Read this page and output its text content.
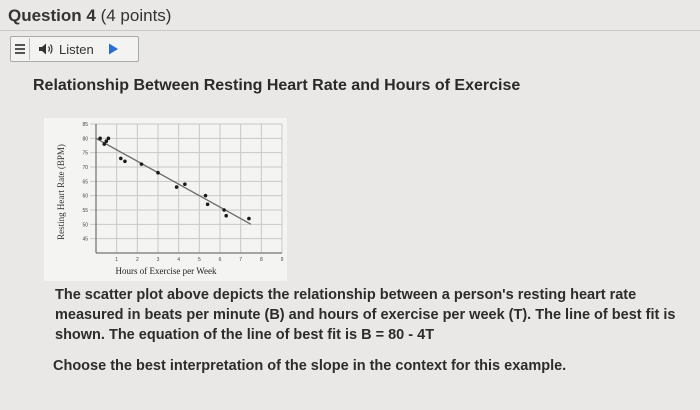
Question 4 (4 points)
Listen
Relationship Between Resting Heart Rate and Hours of Exercise
1	2	3	4	5	6	7	8	9
45
50
55
60
65
70
75
80
85
Hours of Exercise per Week
Resting Heart Rate (BPM)
The scatter plot above depicts the relationship between a person's resting heart rate measured in beats per minute (B) and hours of exercise per week (T). The line of best fit is shown. The equation of the line of best fit is B = 80 - 4T
Choose the best interpretation of the slope in the context for this example.
